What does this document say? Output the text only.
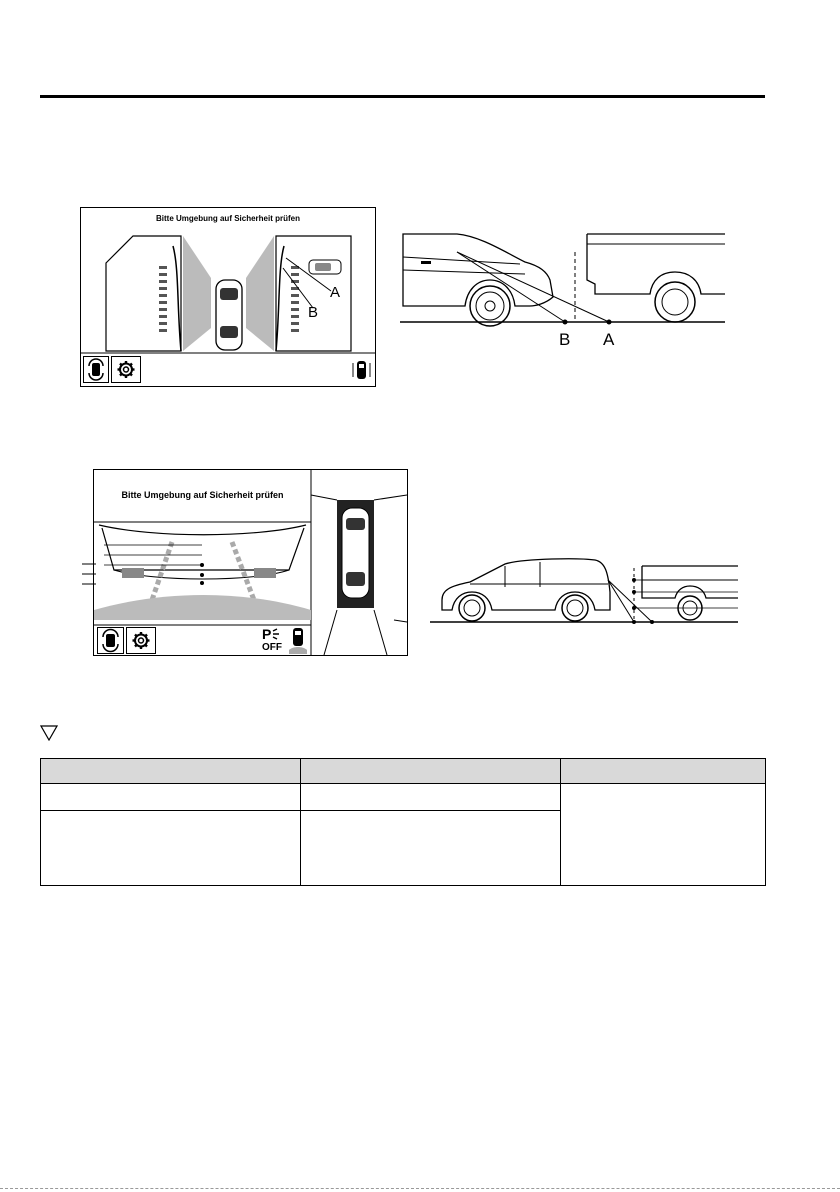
Bitte Umgebung auf Sicherheit prüfen
A
B
B A
Bitte Umgebung auf Sicherheit prüfen
P
OFF
